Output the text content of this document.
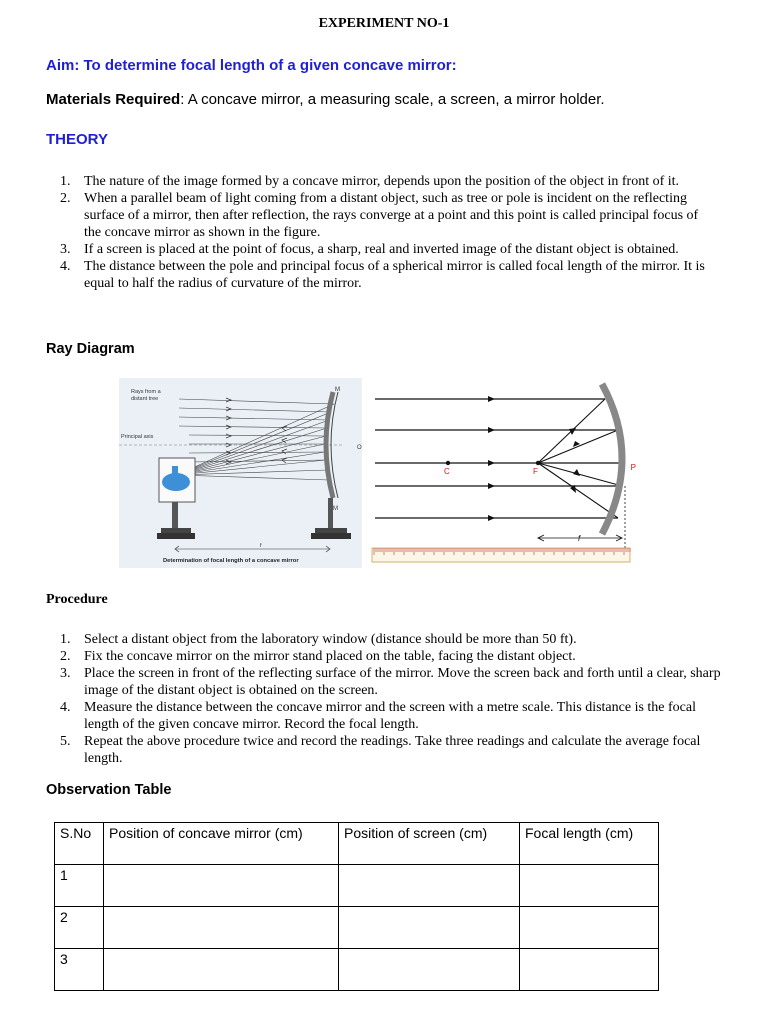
EXPERIMENT NO-1
Aim: To determine focal length of a given concave mirror:
Materials Required: A concave mirror, a measuring scale, a screen, a mirror holder.
THEORY
1. The nature of the image formed by a concave mirror, depends upon the position of the object in front of it.
2. When a parallel beam of light coming from a distant object, such as tree or pole is incident on the reflecting surface of a mirror, then after reflection, the rays converge at a point and this point is called principal focus of the concave mirror as shown in the figure.
3. If a screen is placed at the point of focus, a sharp, real and inverted image of the distant object is obtained.
4. The distance between the pole and principal focus of a spherical mirror is called focal length of the mirror. It is equal to half the radius of curvature of the mirror.
Ray Diagram
Rays from a
distant tree
Principal axis
M
O
M
f
Determination of focal length of a concave mirror
C	F	P
f
Procedure
1. Select a distant object from the laboratory window (distance should be more than 50 ft).
2. Fix the concave mirror on the mirror stand placed on the table, facing the distant object.
3. Place the screen in front of the reflecting surface of the mirror. Move the screen back and forth until a clear, sharp image of the distant object is obtained on the screen.
4. Measure the distance between the concave mirror and the screen with a metre scale. This distance is the focal length of the given concave mirror. Record the focal length.
5. Repeat the above procedure twice and record the readings. Take three readings and calculate the average focal length.
Observation Table
S.No	Position of concave mirror (cm)	Position of screen (cm)	Focal length (cm)
1			
2			
3			
